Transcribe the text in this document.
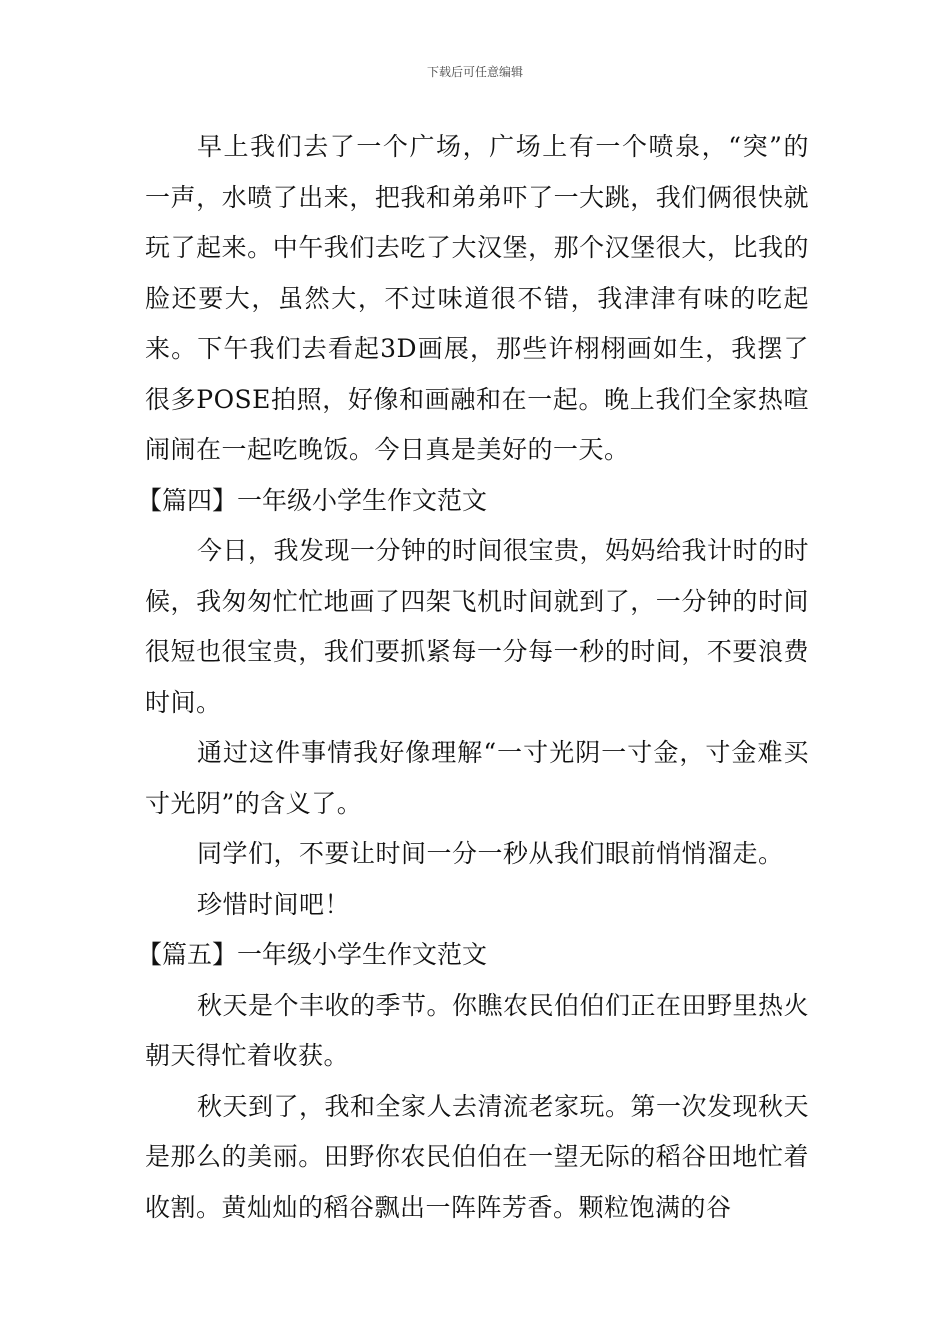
下载后可任意编辑

早上我们去了一个广场，广场上有一个喷泉，“突”的一声，水喷了出来，把我和弟弟吓了一大跳，我们俩很快就玩了起来。中午我们去吃了大汉堡，那个汉堡很大，比我的脸还要大，虽然大，不过味道很不错，我津津有味的吃起来。下午我们去看起3D画展，那些许栩栩画如生，我摆了很多POSE拍照，好像和画融和在一起。晚上我们全家热喧闹闹在一起吃晚饭。今日真是美好的一天。

【篇四】一年级小学生作文范文

今日，我发现一分钟的时间很宝贵，妈妈给我计时的时候，我匆匆忙忙地画了四架飞机时间就到了，一分钟的时间很短也很宝贵，我们要抓紧每一分每一秒的时间，不要浪费时间。

通过这件事情我好像理解“一寸光阴一寸金，寸金难买寸光阴”的含义了。

同学们，不要让时间一分一秒从我们眼前悄悄溜走。

珍惜时间吧！

【篇五】一年级小学生作文范文

秋天是个丰收的季节。你瞧农民伯伯们正在田野里热火朝天得忙着收获。

秋天到了，我和全家人去清流老家玩。第一次发现秋天是那么的美丽。田野你农民伯伯在一望无际的稻谷田地忙着收割。黄灿灿的稻谷飘出一阵阵芳香。颗粒饱满的谷
